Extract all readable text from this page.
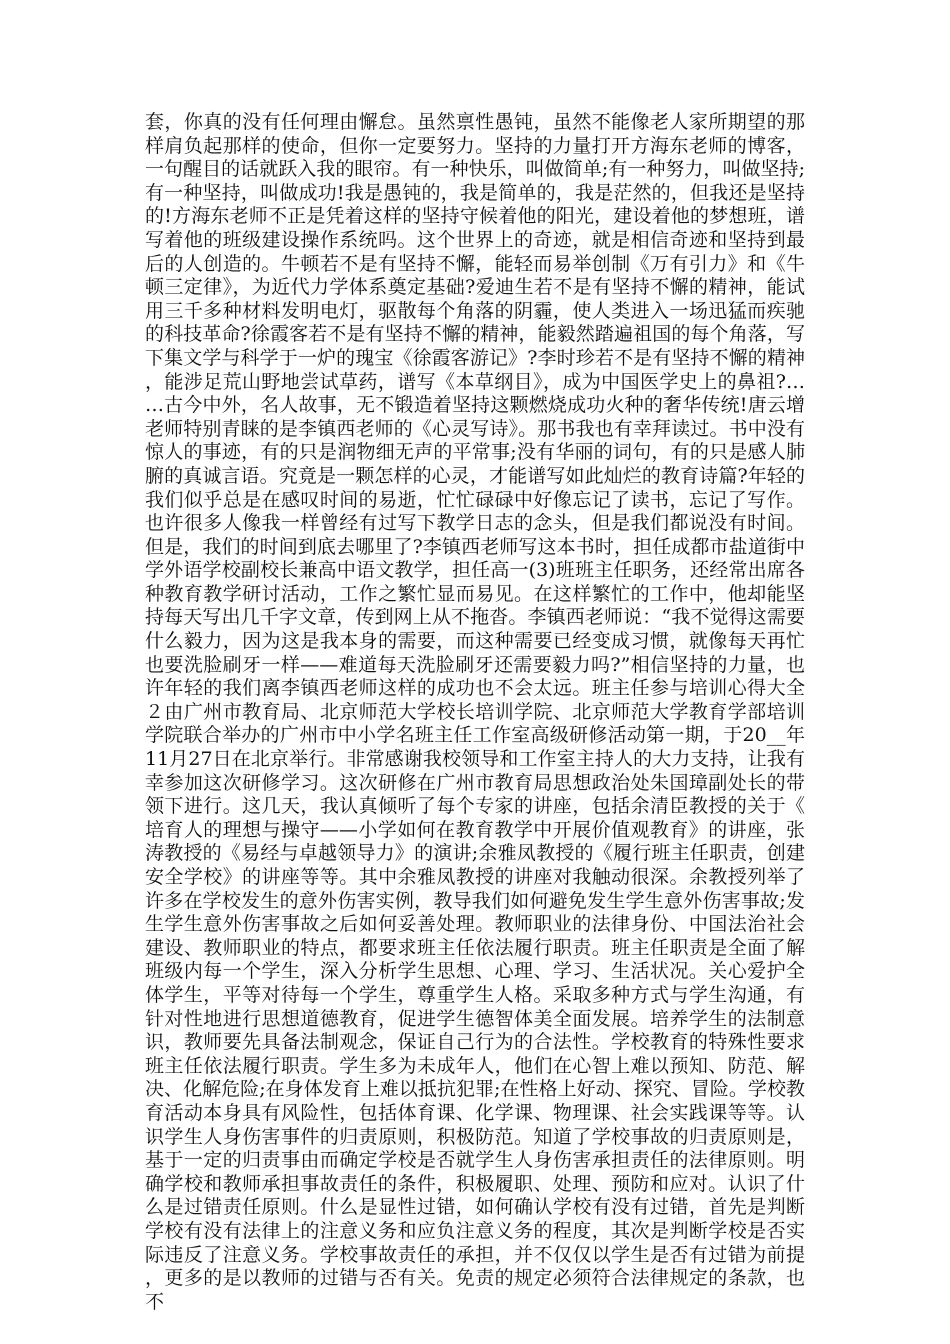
套，你真的没有任何理由懈怠。虽然禀性愚钝，虽然不能像老人家所期望的那样肩负起那样的使命，但你一定要努力。坚持的力量打开方海东老师的博客，一句醒目的话就跃入我的眼帘。有一种快乐，叫做简单;有一种努力，叫做坚持;有一种坚持，叫做成功!我是愚钝的，我是简单的，我是茫然的，但我还是坚持的!方海东老师不正是凭着这样的坚持守候着他的阳光，建设着他的梦想班，谱写着他的班级建设操作系统吗。这个世界上的奇迹，就是相信奇迹和坚持到最后的人创造的。牛顿若不是有坚持不懈，能轻而易举创制《万有引力》和《牛顿三定律》，为近代力学体系奠定基础?爱迪生若不是有坚持不懈的精神，能试用三千多种材料发明电灯，驱散每个角落的阴霾，使人类进入一场迅猛而疾驰的科技革命?徐霞客若不是有坚持不懈的精神，能毅然踏遍祖国的每个角落，写下集文学与科学于一炉的瑰宝《徐霞客游记》?李时珍若不是有坚持不懈的精神，能涉足荒山野地尝试草药，谱写《本草纲目》，成为中国医学史上的鼻祖?……古今中外，名人故事，无不锻造着坚持这颗燃烧成功火种的奢华传统!唐云增老师特别青睐的是李镇西老师的《心灵写诗》。那书我也有幸拜读过。书中没有惊人的事迹，有的只是润物细无声的平常事;没有华丽的词句，有的只是感人肺腑的真诚言语。究竟是一颗怎样的心灵，才能谱写如此灿烂的教育诗篇?年轻的我们似乎总是在感叹时间的易逝，忙忙碌碌中好像忘记了读书，忘记了写作。也许很多人像我一样曾经有过写下教学日志的念头，但是我们都说没有时间。但是，我们的时间到底去哪里了?李镇西老师写这本书时，担任成都市盐道街中学外语学校副校长兼高中语文教学，担任高一(3)班班主任职务，还经常出席各种教育教学研讨活动，工作之繁忙显而易见。在这样繁忙的工作中，他却能坚持每天写出几千字文章，传到网上从不拖沓。李镇西老师说：“我不觉得这需要什么毅力，因为这是我本身的需要，而这种需要已经变成习惯，就像每天再忙也要洗脸刷牙一样——难道每天洗脸刷牙还需要毅力吗?”相信坚持的力量，也许年轻的我们离李镇西老师这样的成功也不会太远。班主任参与培训心得大全２由广州市教育局、北京师范大学校长培训学院、北京师范大学教育学部培训学院联合举办的广州市中小学名班主任工作室高级研修活动第一期，于20__年11月27日在北京举行。非常感谢我校领导和工作室主持人的大力支持，让我有幸参加这次研修学习。这次研修在广州市教育局思想政治处朱国璋副处长的带领下进行。这几天，我认真倾听了每个专家的讲座，包括余清臣教授的关于《培育人的理想与操守——小学如何在教育教学中开展价值观教育》的讲座，张涛教授的《易经与卓越领导力》的演讲;余雅凤教授的《履行班主任职责，创建安全学校》的讲座等等。其中余雅凤教授的讲座对我触动很深。余教授列举了许多在学校发生的意外伤害实例，教导我们如何避免发生学生意外伤害事故;发生学生意外伤害事故之后如何妥善处理。教师职业的法律身份、中国法治社会建设、教师职业的特点，都要求班主任依法履行职责。班主任职责是全面了解班级内每一个学生，深入分析学生思想、心理、学习、生活状况。关心爱护全体学生，平等对待每一个学生，尊重学生人格。采取多种方式与学生沟通，有针对性地进行思想道德教育，促进学生德智体美全面发展。培养学生的法制意识，教师要先具备法制观念，保证自己行为的合法性。学校教育的特殊性要求班主任依法履行职责。学生多为未成年人，他们在心智上难以预知、防范、解决、化解危险;在身体发育上难以抵抗犯罪;在性格上好动、探究、冒险。学校教育活动本身具有风险性，包括体育课、化学课、物理课、社会实践课等等。认识学生人身伤害事件的归责原则，积极防范。知道了学校事故的归责原则是，基于一定的归责事由而确定学校是否就学生人身伤害承担责任的法律原则。明确学校和教师承担事故责任的条件，积极履职、处理、预防和应对。认识了什么是过错责任原则。什么是显性过错，如何确认学校有没有过错，首先是判断学校有没有法律上的注意义务和应负注意义务的程度，其次是判断学校是否实际违反了注意义务。学校事故责任的承担，并不仅仅以学生是否有过错为前提，更多的是以教师的过错与否有关。免责的规定必须符合法律规定的条款，也不
